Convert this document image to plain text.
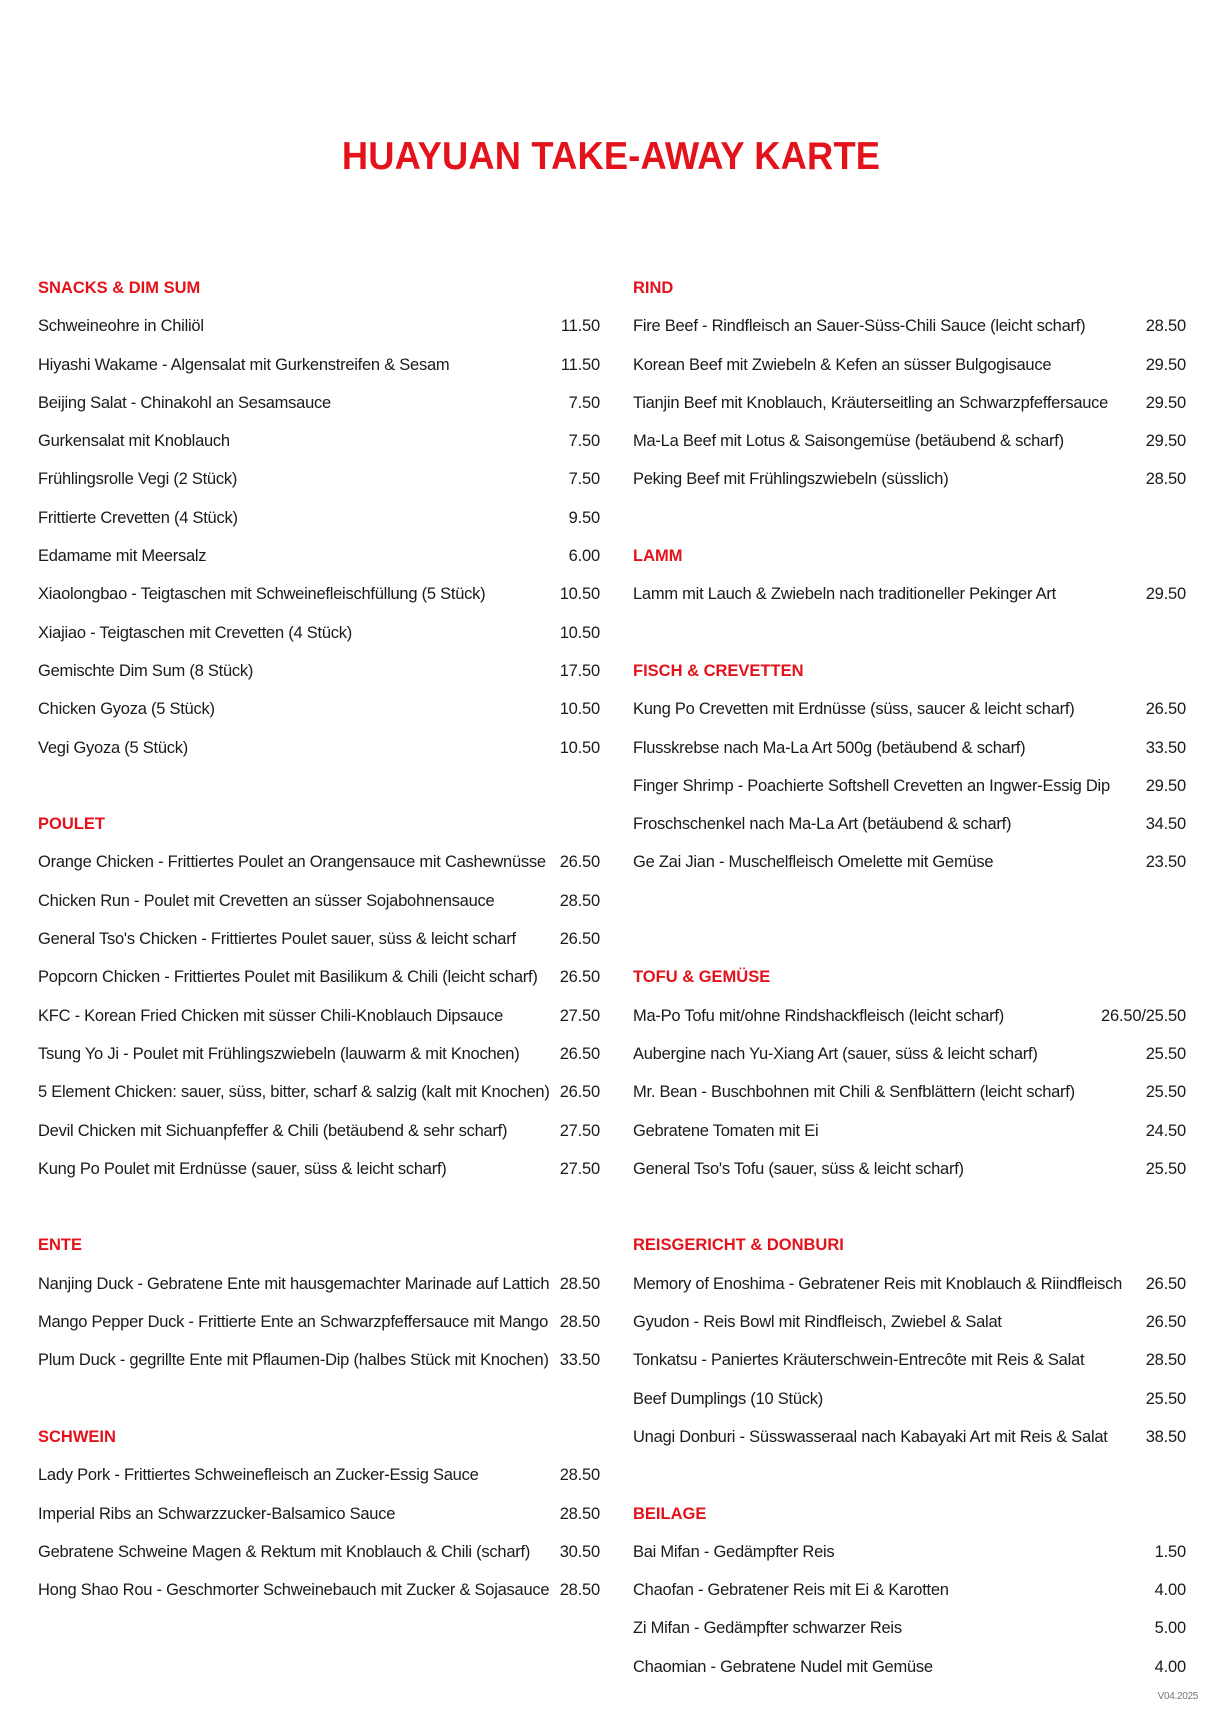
HUAYUAN TAKE-AWAY KARTE
SNACKS & DIM SUM
Schweineohre in Chiliöl	11.50
Hiyashi Wakame - Algensalat mit Gurkenstreifen & Sesam	11.50
Beijing Salat - Chinakohl an Sesamsauce	7.50
Gurkensalat mit Knoblauch	7.50
Frühlingsrolle Vegi (2 Stück)	7.50
Frittierte Crevetten (4 Stück)	9.50
Edamame mit Meersalz	6.00
Xiaolongbao - Teigtaschen mit Schweinefleischfüllung (5 Stück)	10.50
Xiajiao - Teigtaschen mit Crevetten (4 Stück)	10.50
Gemischte Dim Sum (8 Stück)	17.50
Chicken Gyoza (5 Stück)	10.50
Vegi Gyoza (5 Stück)	10.50
POULET
Orange Chicken - Frittiertes Poulet an Orangensauce mit Cashewnüsse 26.50
Chicken Run - Poulet mit Crevetten an süsser Sojabohnensauce	28.50
General Tso's Chicken - Frittiertes Poulet sauer, süss & leicht scharf	26.50
Popcorn Chicken - Frittiertes Poulet mit Basilikum & Chili (leicht scharf)	26.50
KFC - Korean Fried Chicken mit süsser Chili-Knoblauch Dipsauce	27.50
Tsung Yo Ji - Poulet mit Frühlingszwiebeln (lauwarm & mit Knochen)	26.50
5 Element Chicken: sauer, süss, bitter, scharf & salzig (kalt mit Knochen) 26.50
Devil Chicken mit Sichuanpfeffer & Chili (betäubend & sehr scharf)	27.50
Kung Po Poulet mit Erdnüsse (sauer, süss & leicht scharf)	27.50
ENTE
Nanjing Duck - Gebratene Ente mit hausgemachter Marinade auf Lattich 28.50
Mango Pepper Duck - Frittierte Ente an Schwarzpfeffersauce mit Mango 28.50
Plum Duck - gegrillte Ente mit Pflaumen-Dip (halbes Stück mit Knochen) 33.50
SCHWEIN
Lady Pork - Frittiertes Schweinefleisch an Zucker-Essig Sauce	28.50
Imperial Ribs an Schwarzzucker-Balsamico Sauce	28.50
Gebratene Schweine Magen & Rektum mit Knoblauch & Chili (scharf)	30.50
Hong Shao Rou - Geschmorter Schweinebauch mit Zucker & Sojasauce 28.50
RIND
Fire Beef - Rindfleisch an Sauer-Süss-Chili Sauce (leicht scharf)	28.50
Korean Beef mit Zwiebeln & Kefen an süsser Bulgogisauce	29.50
Tianjin Beef mit Knoblauch, Kräuterseitling an Schwarzpfeffersauce	29.50
Ma-La Beef mit Lotus & Saisongemüse (betäubend & scharf)	29.50
Peking Beef mit Frühlingszwiebeln (süsslich)	28.50
LAMM
Lamm mit Lauch & Zwiebeln nach traditioneller Pekinger Art	29.50
FISCH & CREVETTEN
Kung Po Crevetten mit Erdnüsse (süss, saucer & leicht scharf)	26.50
Flusskrebse nach Ma-La Art 500g (betäubend & scharf)	33.50
Finger Shrimp - Poachierte Softshell Crevetten an Ingwer-Essig Dip	29.50
Froschschenkel nach Ma-La Art (betäubend & scharf)	34.50
Ge Zai Jian - Muschelfleisch Omelette mit Gemüse	23.50
TOFU & GEMÜSE
Ma-Po Tofu mit/ohne Rindshackfleisch (leicht scharf)	26.50/25.50
Aubergine nach Yu-Xiang Art (sauer, süss & leicht scharf)	25.50
Mr. Bean - Buschbohnen mit Chili & Senfblättern (leicht scharf)	25.50
Gebratene Tomaten mit Ei	24.50
General Tso's Tofu (sauer, süss & leicht scharf)	25.50
REISGERICHT & DONBURI
Memory of Enoshima - Gebratener Reis mit Knoblauch & Riindfleisch	26.50
Gyudon - Reis Bowl mit Rindfleisch, Zwiebel & Salat	26.50
Tonkatsu - Paniertes Kräuterschwein-Entrecôte mit Reis & Salat	28.50
Beef Dumplings (10 Stück)	25.50
Unagi Donburi - Süsswasseraal nach Kabayaki Art mit Reis & Salat	38.50
BEILAGE
Bai Mifan - Gedämpfter Reis	1.50
Chaofan - Gebratener Reis mit Ei & Karotten	4.00
Zi Mifan - Gedämpfter schwarzer Reis	5.00
Chaomian - Gebratene Nudel mit Gemüse	4.00
V04.2025
